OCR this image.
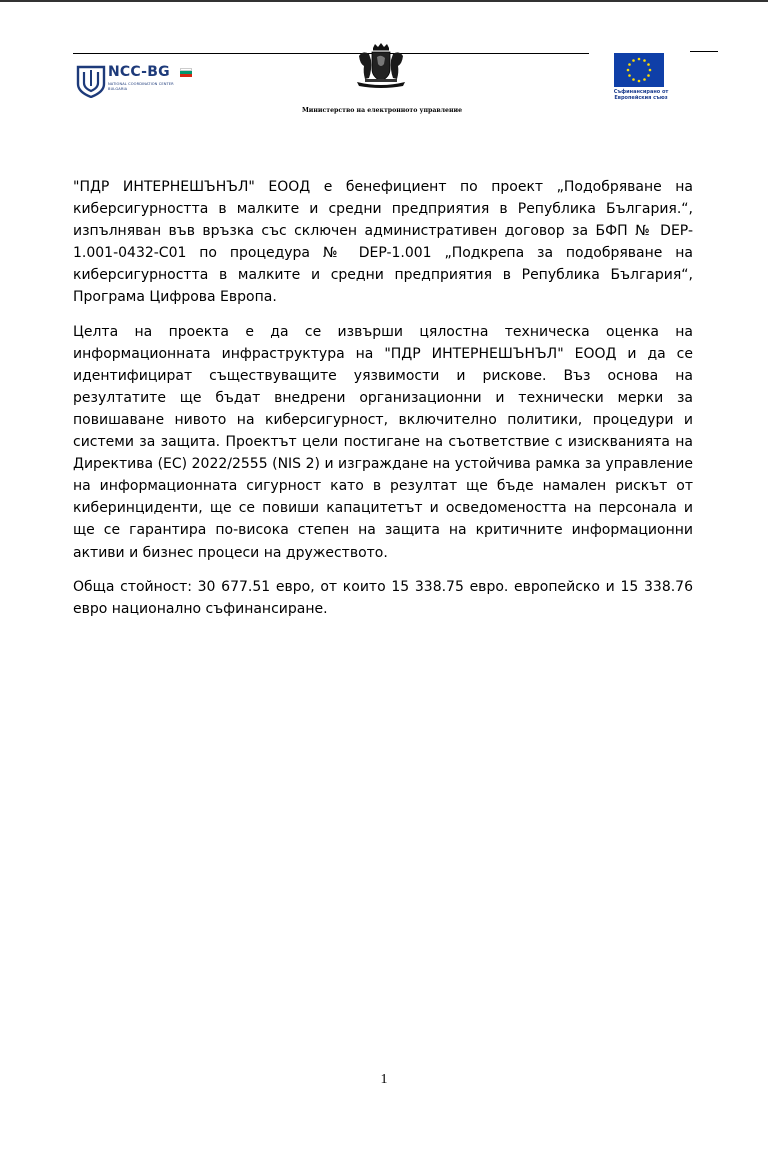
NCC-BG
NATIONAL COORDINATION CENTER
BULGARIA
Министерство на електронното управление
Съфинансирано от
Европейския съюз

"ПДР ИНТЕРНЕШЪНЪЛ" ЕООД е бенефициент по проект „Подобряване на киберсигурността в малките и средни предприятия в Република България.“, изпълняван във връзка със сключен административен договор за БФП № DEP-1.001-0432-C01 по процедура № DEP-1.001 „Подкрепа за подобряване на киберсигурността в малките и средни предприятия в Република България“, Програма Цифрова Европа.

Целта на проекта е да се извърши цялостна техническа оценка на информационната инфраструктура на "ПДР ИНТЕРНЕШЪНЪЛ" ЕООД и да се идентифицират съществуващите уязвимости и рискове. Въз основа на резултатите ще бъдат внедрени организационни и технически мерки за повишаване нивото на киберсигурност, включително политики, процедури и системи за защита. Проектът цели постигане на съответствие с изискванията на Директива (ЕС) 2022/2555 (NIS 2) и изграждане на устойчива рамка за управление на информационната сигурност като в резултат ще бъде намален рискът от киберинциденти, ще се повиши капацитетът и осведомеността на персонала и ще се гарантира по-висока степен на защита на критичните информационни активи и бизнес процеси на дружеството.

Обща стойност: 30 677.51 евро, от които 15 338.75 евро. европейско и 15 338.76 евро национално съфинансиране.

1
